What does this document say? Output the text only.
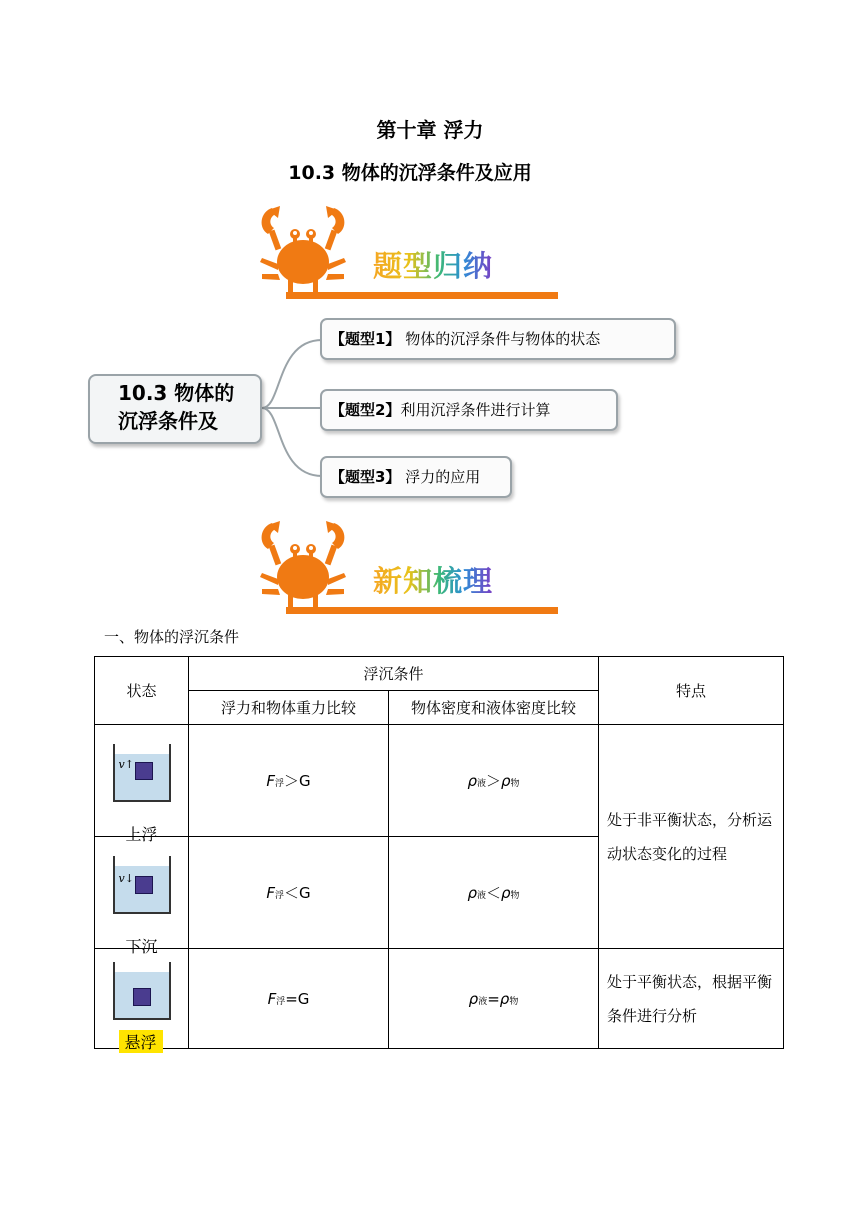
第十章 浮力
10.3 物体的沉浮条件及应用
题型归纳
10.3 物体的
沉浮条件及
【题型1】 物体的沉浮条件与物体的状态
【题型2】利用沉浮条件进行计算
【题型3】 浮力的应用
新知梳理
一、物体的浮沉条件
状态	浮沉条件		特点
	浮力和物体重力比较	物体密度和液体密度比较	

v↑
上浮	F浮＞G	ρ液＞ρ物	处于非平衡状态，分析运动状态变化的过程

v↓
下沉	F浮＜G	ρ液＜ρ物	

悬浮	F浮=G	ρ液=ρ物	处于平衡状态，根据平衡条件进行分析
